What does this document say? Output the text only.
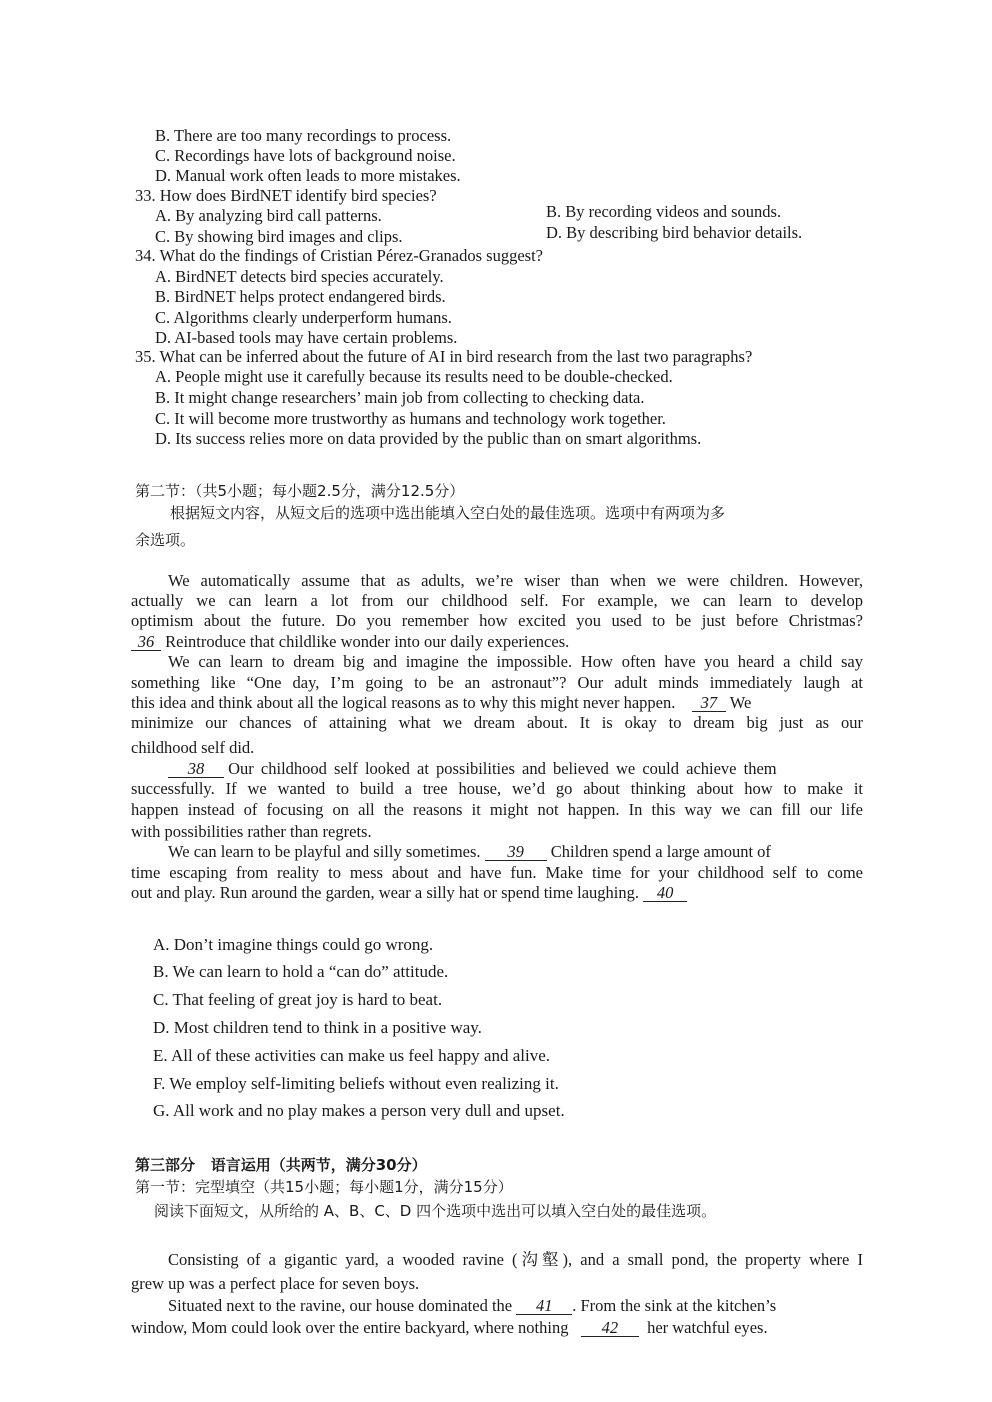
B. There are too many recordings to process.
C. Recordings have lots of background noise.
D. Manual work often leads to more mistakes.
33. How does BirdNET identify bird species?
A. By analyzing bird call patterns.	B. By recording videos and sounds.
C. By showing bird images and clips.	D. By describing bird behavior details.
34. What do the findings of Cristian Pérez-Granados suggest?
A. BirdNET detects bird species accurately.
B. BirdNET helps protect endangered birds.
C. Algorithms clearly underperform humans.
D. AI-based tools may have certain problems.
35. What can be inferred about the future of AI in bird research from the last two paragraphs?
A. People might use it carefully because its results need to be double-checked.
B. It might change researchers’ main job from collecting to checking data.
C. It will become more trustworthy as humans and technology work together.
D. Its success relies more on data provided by the public than on smart algorithms.
第二节：（共5小题；每小题2.5分，满分12.5分）
根据短文内容，从短文后的选项中选出能填入空白处的最佳选项。选项中有两项为多
余选项。
We automatically assume that as adults, we’re wiser than when we were children. However,
actually we can learn a lot from our childhood self. For example, we can learn to develop
optimism about the future. Do you remember how excited you used to be just before Christmas?
36 Reintroduce that childlike wonder into our daily experiences.
We can learn to dream big and imagine the impossible. How often have you heard a child say
something like “One day, I’m going to be an astronaut”? Our adult minds immediately laugh at
this idea and think about all the logical reasons as to why this might never happen. 37 We
minimize our chances of attaining what we dream about. It is okay to dream big just as our
childhood self did.
38 Our childhood self looked at possibilities and believed we could achieve them
successfully. If we wanted to build a tree house, we’d go about thinking about how to make it
happen instead of focusing on all the reasons it might not happen. In this way we can fill our life
with possibilities rather than regrets.
We can learn to be playful and silly sometimes. 39 Children spend a large amount of
time escaping from reality to mess about and have fun. Make time for your childhood self to come
out and play. Run around the garden, wear a silly hat or spend time laughing. 40
A. Don’t imagine things could go wrong.
B. We can learn to hold a “can do” attitude.
C. That feeling of great joy is hard to beat.
D. Most children tend to think in a positive way.
E. All of these activities can make us feel happy and alive.
F. We employ self-limiting beliefs without even realizing it.
G. All work and no play makes a person very dull and upset.
第三部分 语言运用（共两节，满分30分）
第一节：完型填空（共15小题；每小题1分，满分15分）
阅读下面短文，从所给的 A、B、C、D 四个选项中选出可以填入空白处的最佳选项。
Consisting of a gigantic yard, a wooded ravine (沟壑), and a small pond, the property where I
grew up was a perfect place for seven boys.
Situated next to the ravine, our house dominated the 41 . From the sink at the kitchen’s
window, Mom could look over the entire backyard, where nothing 42 her watchful eyes.
